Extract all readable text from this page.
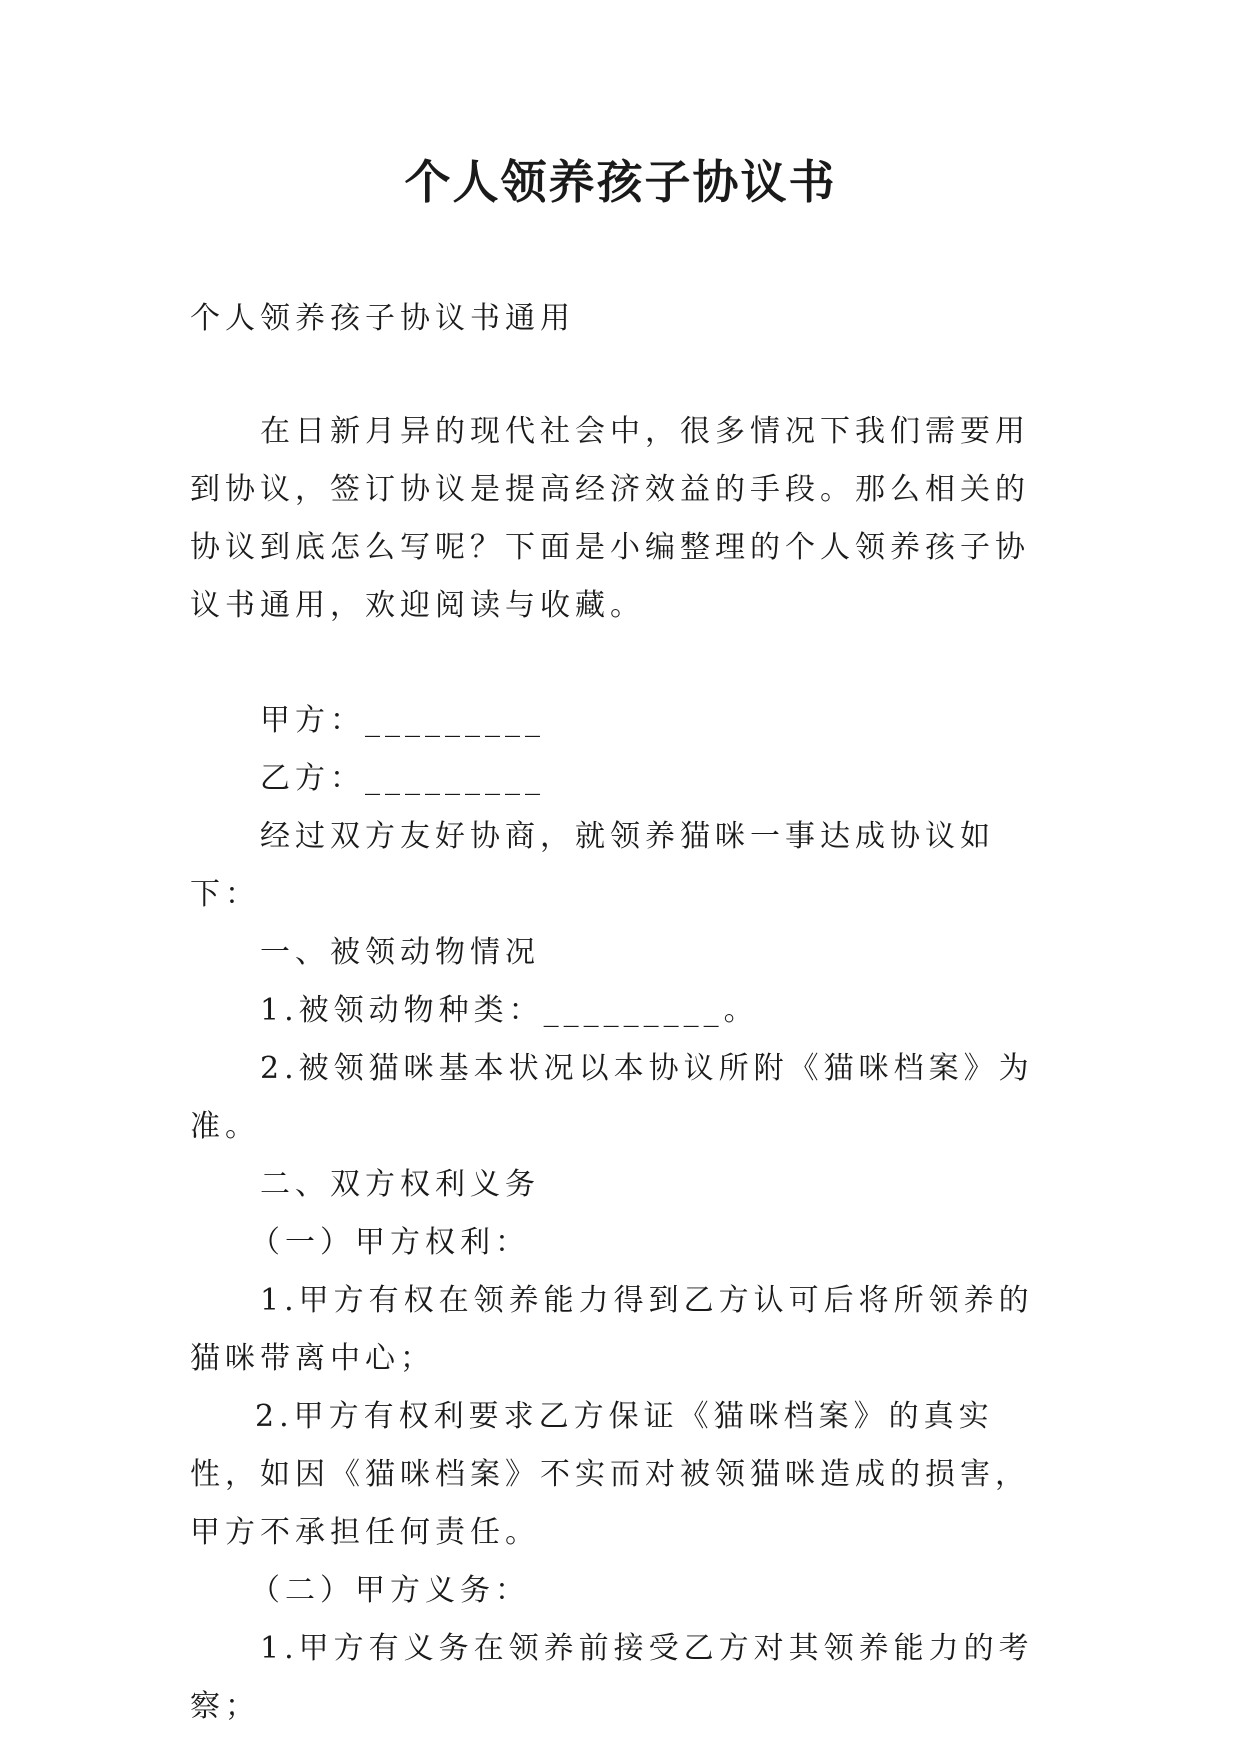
个人领养孩子协议书
个人领养孩子协议书通用
在日新月异的现代社会中，很多情况下我们需要用到协议，签订协议是提高经济效益的手段。那么相关的协议到底怎么写呢？下面是小编整理的个人领养孩子协议书通用，欢迎阅读与收藏。

甲方：_________

乙方：_________

经过双方友好协商，就领养猫咪一事达成协议如下：

一、被领动物情况

1.被领动物种类：_________。

2.被领猫咪基本状况以本协议所附《猫咪档案》为准。

二、双方权利义务

（一）甲方权利：

1.甲方有权在领养能力得到乙方认可后将所领养的猫咪带离中心；

2.甲方有权利要求乙方保证《猫咪档案》的真实性，如因《猫咪档案》不实而对被领猫咪造成的损害，甲方不承担任何责任。

（二）甲方义务：

1.甲方有义务在领养前接受乙方对其领养能力的考察；
